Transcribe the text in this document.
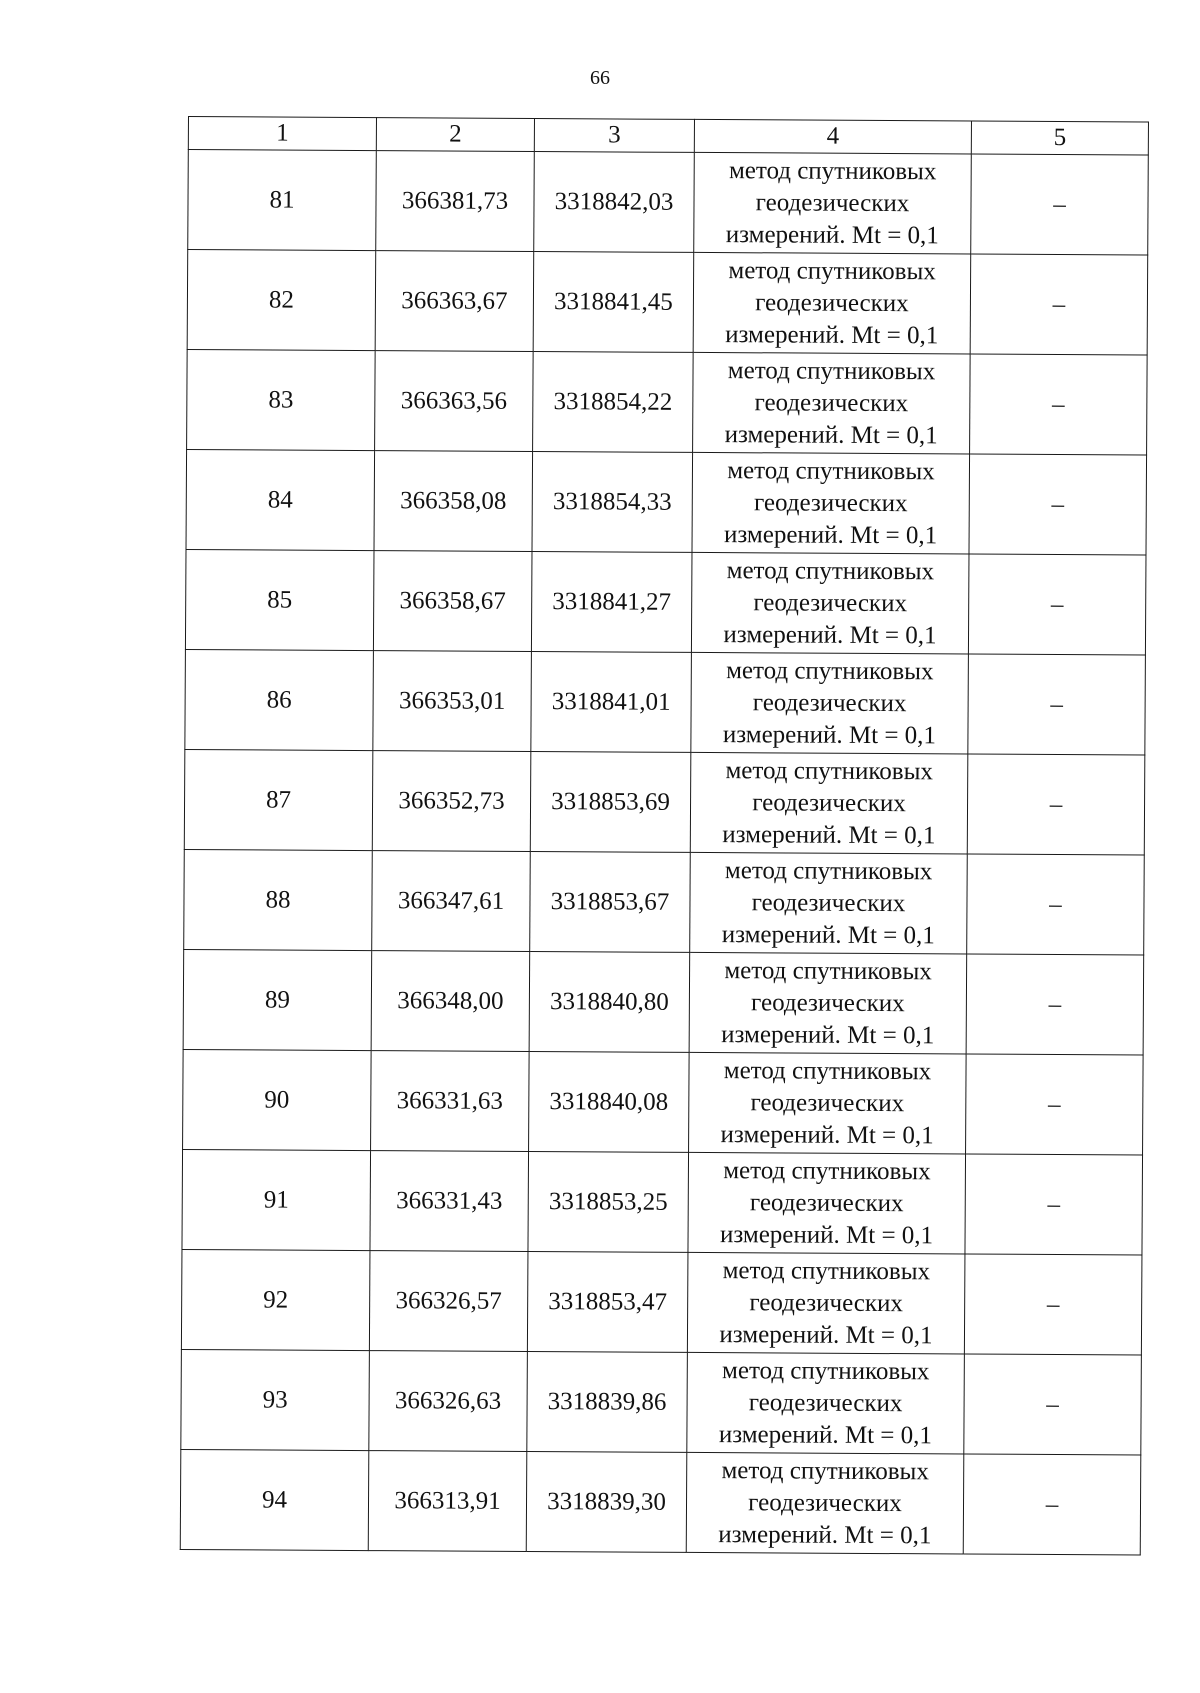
66
1	2	3	4	5
81	366381,73	3318842,03	метод спутниковых
геодезических
измерений. Mt = 0,1	–
82	366363,67	3318841,45	метод спутниковых
геодезических
измерений. Mt = 0,1	–
83	366363,56	3318854,22	метод спутниковых
геодезических
измерений. Mt = 0,1	–
84	366358,08	3318854,33	метод спутниковых
геодезических
измерений. Mt = 0,1	–
85	366358,67	3318841,27	метод спутниковых
геодезических
измерений. Mt = 0,1	–
86	366353,01	3318841,01	метод спутниковых
геодезических
измерений. Mt = 0,1	–
87	366352,73	3318853,69	метод спутниковых
геодезических
измерений. Mt = 0,1	–
88	366347,61	3318853,67	метод спутниковых
геодезических
измерений. Mt = 0,1	–
89	366348,00	3318840,80	метод спутниковых
геодезических
измерений. Mt = 0,1	–
90	366331,63	3318840,08	метод спутниковых
геодезических
измерений. Mt = 0,1	–
91	366331,43	3318853,25	метод спутниковых
геодезических
измерений. Mt = 0,1	–
92	366326,57	3318853,47	метод спутниковых
геодезических
измерений. Mt = 0,1	–
93	366326,63	3318839,86	метод спутниковых
геодезических
измерений. Mt = 0,1	–
94	366313,91	3318839,30	метод спутниковых
геодезических
измерений. Mt = 0,1	–
